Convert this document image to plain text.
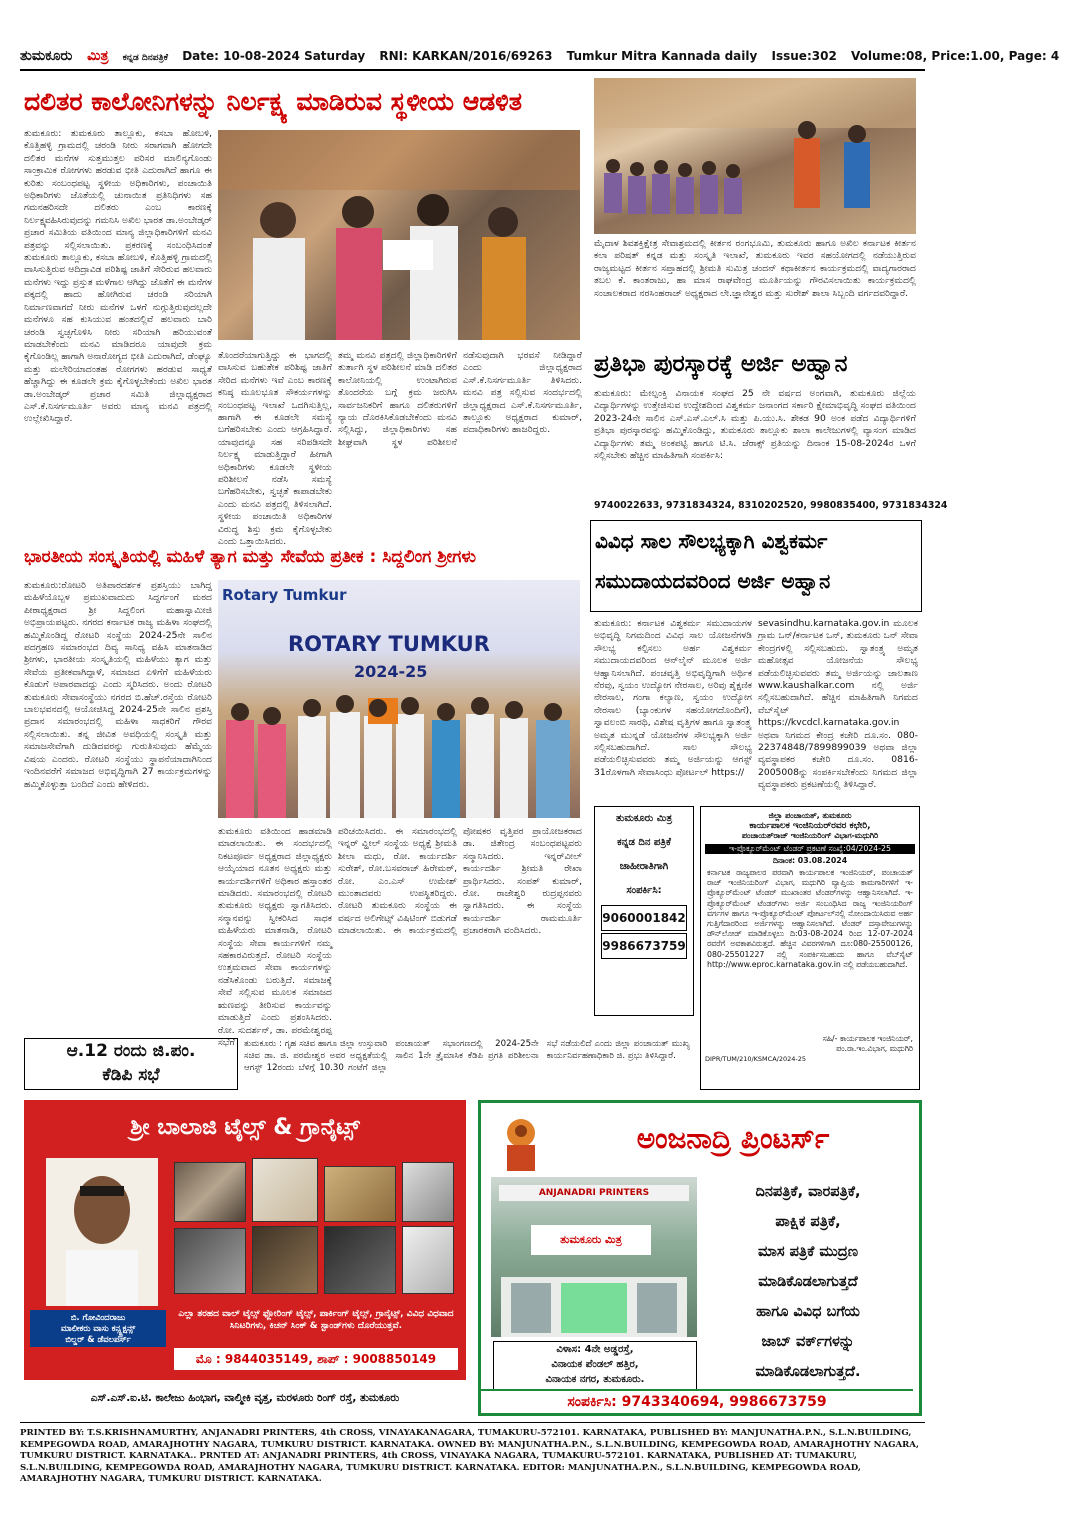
ತುಮಕೂರು ಮಿತ್ರ ಕನ್ನಡ ದಿನಪತ್ರಿಕೆ Date: 10-08-2024 Saturday RNI: KARKAN/2016/69263 Tumkur Mitra Kannada daily Issue:302 Volume:08, Price:1.00, Page: 4
ದಲಿತರ ಕಾಲೋನಿಗಳನ್ನು ನಿರ್ಲಕ್ಷ್ಯ ಮಾಡಿರುವ ಸ್ಥಳೀಯ ಆಡಳಿತ
ತುಮಕೂರು: ತುಮಕೂರು ತಾಲ್ಲೂಕು, ಕಸಬಾ ಹೋಬಳಿ, ಕೊತ್ತಿಹಳ್ಳಿ ಗ್ರಾಮದಲ್ಲಿ ಚರಂಡಿ ನೀರು ಸರಾಗವಾಗಿ ಹೋಗದೇ ದಲಿತರ ಮನೆಗಳ ಸುತ್ತಮುತ್ತಲ ಪರಿಸರ ಮಾಲಿನ್ಯಗೊಂಡು ಸಾಂಕ್ರಾಮಿಕ ರೋಗಗಳು ಹರಡುವ ಭೀತಿ ಎದುರಾಗಿದೆ ಹಾಗೂ ಈ ಕುರಿತು ಸಂಬಂಧಪಟ್ಟ ಸ್ಥಳೀಯ ಅಧಿಕಾರಿಗಳು, ಪಂಚಾಯಿತಿ ಅಧಿಕಾರಿಗಳು ಜೊತೆಯಲ್ಲಿ ಚುನಾಯಿತ ಪ್ರತಿನಿಧಿಗಳು ಸಹ ಗಮನಹರಿಸದೇ ದಲಿತರು ಎಂಬ ಕಾರಣಕ್ಕೆ ನಿರ್ಲಕ್ಷ್ಯವಹಿಸಿರುವುದನ್ನು ಗಮನಿಸಿ ಅಖಿಲ ಭಾರತ ಡಾ.ಅಂಬೇಡ್ಕರ್ ಪ್ರಚಾರ ಸಮಿತಿಯ ವತಿಯಿಂದ ಮಾನ್ಯ ಜಿಲ್ಲಾಧಿಕಾರಿಗಳಿಗೆ ಮನವಿ ಪತ್ರವನ್ನು ಸಲ್ಲಿಸಲಾಯಿತು. ಪ್ರಕರಣಕ್ಕೆ ಸಂಬಂಧಿಸಿದಂತೆ ತುಮಕೂರು ತಾಲ್ಲೂಕು, ಕಸಬಾ ಹೋಬಳಿ, ಕೊತ್ತಿಹಳ್ಳಿ ಗ್ರಾಮದಲ್ಲಿ ವಾಸಿಸುತ್ತಿರುವ ಆದಿದ್ರಾವಿಡ ಪರಿಶಿಷ್ಟ ಜಾತಿಗೆ ಸೇರಿರುವ ಹಲವಾರು ಮನೆಗಳು ಇದ್ದು ಪ್ರಸ್ತುತ ಮಳೆಗಾಲ ಆಗಿದ್ದು ಜೊತೆಗೆ ಈ ಮನೆಗಳ ಪಕ್ಕದಲ್ಲಿ ಹಾದು ಹೋಗಿರುವ ಚರಂಡಿ ಸರಿಯಾಗಿ ನಿರ್ಮಾಣವಾಗದೆ ನೀರು ಮನೆಗಳ ಒಳಗೆ ನುಗ್ಗುತ್ತಿರುವುದಲ್ಲದೇ ಮನೆಗಳೂ ಸಹ ಕುಸಿಯುವ ಹಂತದಲ್ಲಿವೆ ಹಲವಾರು ಬಾರಿ ಚರಂಡಿ ಸ್ವಚ್ಛಗೊಳಿಸಿ ನೀರು ಸರಿಯಾಗಿ ಹರಿಯುವಂತೆ ಮಾಡಬೇಕೆಂದು ಮನವಿ ಮಾಡಿದರೂ ಯಾವುದೇ ಕ್ರಮ ಕೈಗೊಂಡಿಲ್ಲ ಹಾಗಾಗಿ ಅನಾರೋಗ್ಯದ ಭೀತಿ ಎದುರಾಗಿದೆ, ಡೆಂಘ್ಯೂ ಮತ್ತು ಮಲೇರಿಯಾದಂತಹ ರೋಗಗಳು ಹರಡುವ ಸಾಧ್ಯತೆ ಹೆಚ್ಚಾಗಿದ್ದು ಈ ಕೂಡಲೇ ಕ್ರಮ ಕೈಗೊಳ್ಳಬೇಕೆಂದು ಅಖಿಲ ಭಾರತ ಡಾ.ಅಂಬೇಡ್ಕರ್ ಪ್ರಚಾರ ಸಮಿತಿ ಜಿಲ್ಲಾಧ್ಯಕ್ಷರಾದ ಎಸ್.ಕೆ.ನಿಸರ್ಗಮೂರ್ತಿ ಅವರು ಮಾನ್ಯ ಮನವಿ ಪತ್ರದಲ್ಲಿ ಉಲ್ಲೇಖಿಸಿದ್ದಾರೆ.
ತೊಂದರೆಯಾಗುತ್ತಿದ್ದು ಈ ಭಾಗದಲ್ಲಿ ವಾಸಿಸುವ ಬಹುತೇಕ ಪರಿಶಿಷ್ಟ ಜಾತಿಗೆ ಸೇರಿದ ಮನೆಗಳು ಇವೆ ಎಂಬ ಕಾರಣಕ್ಕೆ ಕನಿಷ್ಠ ಮೂಲಭೂತ ಸೌಕರ್ಯಗಳನ್ನು ಸಂಬಂಧಪಟ್ಟ ಇಲಾಖೆ ಒದಗಿಸುತ್ತಿಲ್ಲ, ಹಾಗಾಗಿ ಈ ಕೂಡಲೇ ಸಮಸ್ಯೆ ಬಗೆಹರಿಸಬೇಕು ಎಂದು ಆಗ್ರಹಿಸಿದ್ದಾರೆ. ಯಾವುದನ್ನೂ ಸಹ ಸರಿಪಡಿಸದೇ ನಿರ್ಲಕ್ಷ್ಯ ಮಾಡುತ್ತಿದ್ದಾರೆ ಹೀಗಾಗಿ ಅಧಿಕಾರಿಗಳು ಕೂಡಲೇ ಸ್ಥಳೀಯ ಪರಿಶೀಲನೆ ನಡೆಸಿ ಸಮಸ್ಯೆ ಬಗೆಹರಿಸಬೇಕು, ಸ್ವಚ್ಛತೆ ಕಾಪಾಡಬೇಕು ಎಂದು ಮನವಿ ಪತ್ರದಲ್ಲಿ ತಿಳಿಸಲಾಗಿದೆ. ಸ್ಥಳೀಯ ಪಂಚಾಯಿತಿ ಅಧಿಕಾರಿಗಳ ವಿರುದ್ಧ ಶಿಸ್ತು ಕ್ರಮ ಕೈಗೊಳ್ಳಬೇಕು ಎಂದು ಒತ್ತಾಯಿಸಿದರು.
ತಮ್ಮ ಮನವಿ ಪತ್ರದಲ್ಲಿ ಜಿಲ್ಲಾಧಿಕಾರಿಗಳಿಗೆ ತುರ್ತಾಗಿ ಸ್ಥಳ ಪರಿಶೀಲನೆ ಮಾಡಿ ದಲಿತರ ಕಾಲೋನಿಯಲ್ಲಿ ಉಂಟಾಗಿರುವ ತೊಂದರೆಯ ಬಗ್ಗೆ ಕ್ರಮ ಜರುಗಿಸಿ ಸಾರ್ವಜನಿಕರಿಗೆ ಹಾಗೂ ದಲಿತರುಗಳಿಗೆ ನ್ಯಾಯ ದೊರಕಿಸಿಕೊಡಬೇಕೆಂದು ಮನವಿ ಸಲ್ಲಿಸಿದ್ದು, ಜಿಲ್ಲಾಧಿಕಾರಿಗಳು ಸಹ ಶೀಘ್ರವಾಗಿ ಸ್ಥಳ ಪರಿಶೀಲನೆ ನಡೆಸುವುದಾಗಿ ಭರವಸೆ ನೀಡಿದ್ದಾರೆ ಎಂದು ಜಿಲ್ಲಾಧ್ಯಕ್ಷರಾದ ಎಸ್.ಕೆ.ನಿಸರ್ಗಮೂರ್ತಿ ತಿಳಿಸಿದರು. ಮನವಿ ಪತ್ರ ಸಲ್ಲಿಸುವ ಸಂದರ್ಭದಲ್ಲಿ ಜಿಲ್ಲಾಧ್ಯಕ್ಷರಾದ ಎಸ್.ಕೆ.ನಿಸರ್ಗಮೂರ್ತಿ, ತಾಲ್ಲೂಕು ಅಧ್ಯಕ್ಷರಾದ ಕುಮಾರ್, ಪದಾಧಿಕಾರಿಗಳು ಹಾಜರಿದ್ದರು.
ಮೈದಾಳ ಶಿವಶಕ್ತಿಕ್ಷೇತ್ರ ಸೇವಾಶ್ರಮದಲ್ಲಿ ಕೀರ್ತನ ರಂಗಭೂಮಿ, ತುಮಕೂರು ಹಾಗೂ ಅಖಿಲ ಕರ್ನಾಟಕ ಕೀರ್ತನ ಕಲಾ ಪರಿಷತ್ ಕನ್ನಡ ಮತ್ತು ಸಂಸ್ಕೃತಿ ಇಲಾಖೆ, ತುಮಕೂರು ಇವರ ಸಹಯೋಗದಲ್ಲಿ ನಡೆಯುತ್ತಿರುವ ರಾಜ್ಯಮಟ್ಟದ ಕೀರ್ತನ ಸಪ್ತಾಹದಲ್ಲಿ ಶ್ರೀಮತಿ ಸುಮಿತ್ರ ಚಂದನ್ ಕಥಾಕೀರ್ತನ ಕಾರ್ಯಕ್ರಮದಲ್ಲಿ ವಾದ್ಯಗಾರರಾದ ತಬಲ ಕೆ. ಕಾಂತರಾಜು, ಹಾ ಮಾಸ ರಾಘವೇಂದ್ರ ಮೂರ್ತಿಯನ್ನು ಗೌರವಿಸಲಾಯಿತು ಕಾರ್ಯಕ್ರಮದಲ್ಲಿ ಸಂಚಾಲಕರಾದ ನರಸಿಂಹರಾಜ್ ಅಧ್ಯಕ್ಷರಾದ ಲೇ.ಜ್ಞಾನೇಶ್ವರ ಮತ್ತು ಸುರೇಶ್ ಶಾಲಾ ಸಿಬ್ಬಂದಿ ವರ್ಗದವರಿದ್ದಾರೆ.
ಪ್ರತಿಭಾ ಪುರಸ್ಕಾರಕ್ಕೆ ಅರ್ಜಿ ಅಹ್ವಾನ
ತುಮಕೂರು: ಮೇಲ್ಪಂಕ್ತಿ ವಿನಾಯಕ ಸಂಘದ 25 ನೇ ವರ್ಷದ ಅಂಗವಾಗಿ, ತುಮಕೂರು ಜಿಲ್ಲೆಯ ವಿದ್ಯಾರ್ಥಿಗಳನ್ನು ಉತ್ತೇಜಿಸುವ ಉದ್ದೇಶದಿಂದ ವಿಶ್ವಕರ್ಮ ಜನಾಂಗದ ಸರ್ಕಾರಿ ಕ್ಷೇಮಾಭಿವೃದ್ಧಿ ಸಂಘದ ವತಿಯಿಂದ 2023-24ನೇ ಸಾಲಿನ ಎಸ್.ಎಸ್.ಎಲ್.ಸಿ ಮತ್ತು ಪಿ.ಯು.ಸಿ. ಶೇಕಡ 90 ಅಂಕ ಪಡೆದ ವಿದ್ಯಾರ್ಥಿಗಳಿಗೆ ಪ್ರತಿಭಾ ಪುರಸ್ಕಾರವನ್ನು ಹಮ್ಮಿಕೊಂಡಿದ್ದು, ತುಮಕೂರು ತಾಲ್ಲೂಕು ಶಾಲಾ ಕಾಲೇಜುಗಳಲ್ಲಿ ವ್ಯಾಸಂಗ ಮಾಡಿದ ವಿದ್ಯಾರ್ಥಿಗಳು ತಮ್ಮ ಅಂಕಪಟ್ಟಿ ಹಾಗೂ ಟಿ.ಸಿ. ಜೆರಾಕ್ಸ್ ಪ್ರತಿಯನ್ನು ದಿನಾಂಕ 15-08-2024ರ ಒಳಗೆ ಸಲ್ಲಿಸಬೇಕು ಹೆಚ್ಚಿನ ಮಾಹಿತಿಗಾಗಿ ಸಂಪರ್ಕಿಸಿ:
9740022633, 9731834324, 8310202520, 9980835400, 9731834324
ವಿವಿಧ ಸಾಲ ಸೌಲಭ್ಯಕ್ಕಾಗಿ ವಿಶ್ವಕರ್ಮ
ಸಮುದಾಯದವರಿಂದ ಅರ್ಜಿ ಅಹ್ವಾನ
ತುಮಕೂರು: ಕರ್ನಾಟಕ ವಿಶ್ವಕರ್ಮ ಸಮುದಾಯಗಳ ಅಭಿವೃದ್ಧಿ ನಿಗಮದಿಂದ ವಿವಿಧ ಸಾಲ ಯೋಜನೆಗಳಡಿ ಸೌಲಭ್ಯ ಕಲ್ಪಿಸಲು ಅರ್ಹ ವಿಶ್ವಕರ್ಮ ಸಮುದಾಯದವರಿಂದ ಆನ್‌ಲೈನ್ ಮೂಲಕ ಅರ್ಜಿ ಆಹ್ವಾನಿಸಲಾಗಿದೆ. ಪಂಚವೃತ್ತಿ ಅಭಿವೃದ್ಧಿಗಾಗಿ ಅರ್ಥಿಕ ನೆರವು, ಸ್ವಯಂ ಉದ್ಯೋಗ ನೇರಸಾಲ, ಅರಿವು ಶೈಕ್ಷಣಿಕ ನೇರಸಾಲ, ಗಂಗಾ ಕಲ್ಯಾಣ, ಸ್ವಯಂ ಉದ್ಯೋಗ ನೇರಸಾಲ (ಬ್ಯಾಂಕುಗಳ ಸಹಯೋಗದೊಂದಿಗೆ), ಸ್ವಾವಲಂಬಿ ಸಾರಥಿ, ವಿಶೇಷ ವೃತ್ತಿಗಳ ಹಾಗೂ ಸ್ವಾತಂತ್ರ್ಯ ಅಮೃತ ಮುನ್ನಡೆ ಯೋಜನೆಗಳ ಸೌಲಭ್ಯಕ್ಕಾಗಿ ಅರ್ಜಿ ಸಲ್ಲಿಸಬಹುದಾಗಿದೆ. ಸಾಲ ಸೌಲಭ್ಯ ಪಡೆಯಲಿಚ್ಛಿಸುವವರು ತಮ್ಮ ಅರ್ಜಿಯನ್ನು ಆಗಸ್ಟ್ 31ರೊಳಗಾಗಿ ಸೇವಾಸಿಂಧು ಪೋರ್ಟಲ್ https://
sevasindhu.karnataka.gov.in ಮೂಲಕ ಗ್ರಾಮ ಒನ್/ಕರ್ನಾಟಕ ಒನ್, ತುಮಕೂರು ಒನ್ ಸೇವಾ ಕೇಂದ್ರಗಳಲ್ಲಿ ಸಲ್ಲಿಸಬಹುದು. ಸ್ವಾತಂತ್ರ್ಯ ಅಮೃತ ಮಹೋತ್ಸವ ಯೋಜನೆಯ ಸೌಲಭ್ಯ ಪಡೆಯಲಿಚ್ಛಿಸುವವರು ತಮ್ಮ ಅರ್ಜಿಯನ್ನು ಜಾಲತಾಣ www.kaushalkar.com ನಲ್ಲಿ ಅರ್ಜಿ ಸಲ್ಲಿಸಬಹುದಾಗಿದೆ. ಹೆಚ್ಚಿನ ಮಾಹಿತಿಗಾಗಿ ನಿಗಮದ ವೆಬ್‌ಸೈಟ್ https://kvcdcl.karnataka.gov.in ಅಥವಾ ನಿಗಮದ ಕೇಂದ್ರ ಕಚೇರಿ ದೂ.ಸಂ. 080-22374848/7899899039 ಅಥವಾ ಜಿಲ್ಲಾ ವ್ಯವಸ್ಥಾಪಕರ ಕಚೇರಿ ದೂ.ಸಂ. 0816-2005008ನ್ನು ಸಂಪರ್ಕಿಸಬೇಕೆಂದು ನಿಗಮದ ಜಿಲ್ಲಾ ವ್ಯವಸ್ಥಾಪಕರು ಪ್ರಕಟಣೆಯಲ್ಲಿ ತಿಳಿಸಿದ್ದಾರೆ.
ಭಾರತೀಯ ಸಂಸ್ಕೃತಿಯಲ್ಲಿ ಮಹಿಳೆ ತ್ಯಾಗ ಮತ್ತು ಸೇವೆಯ ಪ್ರತೀಕ : ಸಿದ್ದಲಿಂಗ ಶ್ರೀಗಳು
ತುಮಕೂರು:ರೋಟರಿ ಅತಿಪಾರದರ್ಶಕ ಪ್ರಶಸ್ತಿಯು ಬಾಗಿದ್ದ ಮಹಿಳೆಯೊಬ್ಬಳ ಪ್ರಮುಖವಾದುದು ಸಿದ್ದರ್ಗಂಗೆ ಮಠದ ಪೀಠಾಧ್ಯಕ್ಷರಾದ ಶ್ರೀ ಸಿದ್ದಲಿಂಗ ಮಹಾಸ್ವಾಮೀಜಿ ಅಭಿಪ್ರಾಯಪಟ್ಟರು. ನಗರದ ಕರ್ನಾಟಕ ರಾಜ್ಯ ಮಹಿಳಾ ಸಂಘದಲ್ಲಿ ಹಮ್ಮಿಕೊಂಡಿದ್ದ ರೋಟರಿ ಸಂಸ್ಥೆಯ 2024-25ನೇ ಸಾಲಿನ ಪದಗ್ರಹಣ ಸಮಾರಂಭದ ದಿವ್ಯ ಸಾನಿಧ್ಯ ವಹಿಸಿ ಮಾತನಾಡಿದ ಶ್ರೀಗಳು, ಭಾರತೀಯ ಸಂಸ್ಕೃತಿಯಲ್ಲಿ ಮಹಿಳೆಯು ತ್ಯಾಗ ಮತ್ತು ಸೇವೆಯ ಪ್ರತೀಕವಾಗಿದ್ದಾಳೆ, ಸಮಾಜದ ಏಳಿಗೆಗೆ ಮಹಿಳೆಯರು ಕೊಡುಗೆ ಅಪಾರವಾದದ್ದು ಎಂದು ಸ್ಮರಿಸಿದರು. ಅಂದು ರೋಟರಿ ತುಮಕೂರು ಸೇವಾಸಂಸ್ಥೆಯು ನಗರದ ಬಿ.ಹೆಚ್.ರಸ್ತೆಯ ರೋಟರಿ ಬಾಲಭವನದಲ್ಲಿ ಆಯೋಜಿಸಿದ್ದ 2024-25ನೇ ಸಾಲಿನ ಪ್ರಶಸ್ತಿ ಪ್ರದಾನ ಸಮಾರಂಭದಲ್ಲಿ ಮಹಿಳಾ ಸಾಧಕರಿಗೆ ಗೌರವ ಸಲ್ಲಿಸಲಾಯಿತು. ತನ್ನ ಜೀವಿತ ಅವಧಿಯಲ್ಲಿ ಸಂಸ್ಕೃತಿ ಮತ್ತು ಸಮಾಜಸೇವೆಗಾಗಿ ದುಡಿದವರನ್ನು ಗುರುತಿಸುವುದು ಹೆಮ್ಮೆಯ ವಿಷಯ ಎಂದರು. ರೋಟರಿ ಸಂಸ್ಥೆಯು ಸ್ಥಾಪನೆಯಾದಾಗಿನಿಂದ ಇಂದಿನವರೆಗೆ ಸಮಾಜದ ಅಭಿವೃದ್ಧಿಗಾಗಿ 27 ಕಾರ್ಯಕ್ರಮಗಳನ್ನು ಹಮ್ಮಿಕೊಳ್ಳುತ್ತಾ ಬಂದಿದೆ ಎಂದು ಹೇಳಿದರು.
Rotary Tumkur
ROTARY TUMKUR
2024-25
ತುಮಕೂರು ವತಿಯಿಂದ ಹಾಡಮಾಡಿ ಮಾಡಲಾಯಿತು. ಈ ಸಂದರ್ಭದಲ್ಲಿ ನಿಕಟಪೂರ್ವ ಅಧ್ಯಕ್ಷರಾದ ಜಿಲ್ಲಾಧ್ಯಕ್ಷರು ಆಯ್ಕೆಯಾದ ನೂತನ ಅಧ್ಯಕ್ಷರು ಮತ್ತು ಕಾರ್ಯದರ್ಶಿಗಳಿಗೆ ಅಧಿಕಾರ ಹಸ್ತಾಂತರ ಮಾಡಿದರು. ಸಮಾರಂಭದಲ್ಲಿ ರೋಟರಿ ತುಮಕೂರು ಅಧ್ಯಕ್ಷರು ಸ್ವಾಗತಿಸಿದರು. ಸನ್ಮಾನವನ್ನು ಸ್ವೀಕರಿಸಿದ ಸಾಧಕ ಮಹಿಳೆಯರು ಮಾತನಾಡಿ, ರೋಟರಿ ಸಂಸ್ಥೆಯ ಸೇವಾ ಕಾರ್ಯಗಳಿಗೆ ನಮ್ಮ ಸಹಕಾರವಿರುತ್ತದೆ. ರೋಟರಿ ಸಂಸ್ಥೆಯ ಉತ್ತಮವಾದ ಸೇವಾ ಕಾರ್ಯಗಳನ್ನು ನಡೆಸಿಕೊಂಡು ಬರುತ್ತಿದೆ. ಸಮಾಜಕ್ಕೆ ಸೇವೆ ಸಲ್ಲಿಸುವ ಮೂಲಕ ಸಮಾಜದ ಋಣವನ್ನು ತೀರಿಸುವ ಕಾರ್ಯವನ್ನು ಮಾಡುತ್ತಿದೆ ಎಂದು ಪ್ರಶಂಸಿಸಿದರು. ರೋ. ಸುದರ್ಶನ್, ಡಾ. ಪರಮೇಶ್ವರಪ್ಪ ಸಭೆಗೆ
ಪರಿಚಯಿಸಿದರು. ಈ ಸಮಾರಂಭದಲ್ಲಿ ಇನ್ನರ್ ವ್ಹೀಲ್ ಸಂಸ್ಥೆಯ ಅಧ್ಯಕ್ಷೆ ಶ್ರೀಮತಿ ಶೀಲಾ ಮಧು, ರೋ. ಕಾರ್ಯದರ್ಶಿ ಸುರೇಶ್, ರೋ.ಬಸವರಾಜ್ ಹಿರೇಮಠ್, ರೋ. ಎಂ.ಎಸ್ ಉಮೇಶ್ ಮುಂತಾದವರು ಉಪಸ್ಥಿತರಿದ್ದರು. ರೋಟರಿ ತುಮಕೂರು ಸಂಸ್ಥೆಯ ಈ ವರ್ಷದ ಅಲಿಗೇಟ್ಸ್ ವಿಷಿಟಿಂಗ್ ಬಿಡುಗಡೆ ಮಾಡಲಾಯಿತು. ಈ ಕಾರ್ಯಕ್ರಮದಲ್ಲಿ ಪೋಷಕರ ವೃತ್ತಿಪರ ಪ್ರಾಯೋಜಕರಾದ ಡಾ. ಜಿತೇಂದ್ರ ಸಂಬಂಧಪಟ್ಟವರು ಸನ್ಮಾನಿಸಿದರು. ಇನ್ನರ್‌ವೀಲ್ ಕಾರ್ಯದರ್ಶಿ ಶ್ರೀಮತಿ ರೇಖಾ ಪ್ರಾರ್ಥಿಸಿದರು. ಸಂಪತ್ ಕುಮಾರ್, ರೋ. ರಾಜೇಶ್ವರಿ ರುದ್ರಪ್ಪನವರು ಸ್ವಾಗತಿಸಿದರು. ಈ ಸಂಸ್ಥೆಯ ಕಾರ್ಯದರ್ಶಿ ರಾಮಮೂರ್ತಿ ಪ್ರಚಾರಕರಾಗಿ ವಂದಿಸಿದರು.
ತುಮಕೂರು ಮಿತ್ರ
ಕನ್ನಡ ದಿನ ಪತ್ರಿಕೆ
ಜಾಹೀರಾತಿಗಾಗಿ
ಸಂಪರ್ಕಿಸಿ:
9060001842
9986673759
ಜಿಲ್ಲಾ ಪಂಚಾಯತ್, ತುಮಕೂರು
ಕಾರ್ಯಪಾಲಕ ಇಂಜಿನಿಯರ್‌ರವರ ಕಛೇರಿ,
ಪಂಚಾಯತ್‌ರಾಜ್ ಇಂಜಿನಿಯರಿಂಗ್ ವಿಭಾಗ-ಮಧುಗಿರಿ
ಇ-ಪ್ರೊಕ್ಯೂರ್‌ಮೆಂಟ್ ಟೆಂಡರ್ ಪ್ರಕಟಣೆ ಸಂಖ್ಯೆ:04/2024-25
ದಿನಾಂಕ: 03.08.2024
ಕರ್ನಾಟಕ ರಾಜ್ಯಪಾಲರ ಪರವಾಗಿ ಕಾರ್ಯಪಾಲಕ ಇಂಜಿನಿಯರ್, ಪಂಚಾಯತ್ ರಾಜ್ ಇಂಜಿನಿಯರಿಂಗ್ ವಿಭಾಗ, ಮಧುಗಿರಿ ವ್ಯಾಪ್ತಿಯ ಕಾಮಗಾರಿಗಳಿಗೆ ಇ-ಪ್ರೊಕ್ಯೂರ್‌ಮೆಂಟ್ ಟೆಂಡರ್ ಮುಖಾಂತರ ಟೆಂಡರ್‌ಗಳನ್ನು ಆಹ್ವಾನಿಸಲಾಗಿದೆ. ಇ-ಪ್ರೊಕ್ಯೂರ್‌ಮೆಂಟ್ ಟೆಂಡರ್‌ಗಳು ಅರ್ಜಿ ಸಂಬಂಧಿಸಿದ ರಾಜ್ಯ ಇಂಜಿನಿಯರಿಂಗ್ ವರ್ಗಗಳ ಹಾಗೂ ಇ-ಪ್ರೊಕ್ಯೂರ್‌ಮೆಂಟ್ ಪೋರ್ಟಲ್‌ನಲ್ಲಿ ನೋಂದಾಯಿಸಿರುವ ಅರ್ಹ ಗುತ್ತಿಗೆದಾರರಿಂದ ಅರ್ಜಿಗಳನ್ನು ಆಹ್ವಾನಿಸಲಾಗಿದೆ. ಟೆಂಡರ್ ದಸ್ತಾವೇಜುಗಳನ್ನು ಡೌನ್‌ಲೋಡ್ ಮಾಡಿಕೊಳ್ಳಲು ದಿ:03-08-2024 ರಿಂದ 12-07-2024 ರವರೆಗೆ ಅವಕಾಶವಿರುತ್ತದೆ. ಹೆಚ್ಚಿನ ವಿವರಗಳಿಗಾಗಿ ದೂ:080-25500126, 080-25501227 ನಲ್ಲಿ ಸಂಪರ್ಕಿಸಬಹುದು ಹಾಗೂ ವೆಬ್‌ಸೈಟ್ http://www.eproc.karnataka.gov.in ನಲ್ಲಿ ಪಡೆಯಬಹುದಾಗಿದೆ.
ಸಹಿ/- ಕಾರ್ಯಪಾಲಕ ಇಂಜಿನಿಯರ್,
ಪಂ.ರಾ.ಇಂ.ವಿಭಾಗ, ಮಧುಗಿರಿ
DIPR/TUM/210/KSMCA/2024-25
ಆ.12 ರಂದು ಜಿ.ಪಂ.
ಕೆಡಿಪಿ ಸಭೆ
ತುಮಕೂರು : ಗೃಹ ಸಚಿವ ಹಾಗೂ ಜಿಲ್ಲಾ ಉಸ್ತುವಾರಿ ಸಚಿವ ಡಾ. ಜಿ. ಪರಮೇಶ್ವರ ಅವರ ಅಧ್ಯಕ್ಷತೆಯಲ್ಲಿ ಆಗಸ್ಟ್ 12ರಂದು ಬೆಳಿಗ್ಗೆ 10.30 ಗಂಟೆಗೆ ಜಿಲ್ಲಾ ಪಂಚಾಯತ್ ಸಭಾಂಗಣದಲ್ಲಿ 2024-25ನೇ ಸಾಲಿನ 1ನೇ ತ್ರೈಮಾಸಿಕ ಕೆಡಿಪಿ ಪ್ರಗತಿ ಪರಿಶೀಲನಾ ಸಭೆ ನಡೆಯಲಿದೆ ಎಂದು ಜಿಲ್ಲಾ ಪಂಚಾಯತ್ ಮುಖ್ಯ ಕಾರ್ಯನಿರ್ವಹಣಾಧಿಕಾರಿ ಜಿ. ಪ್ರಭು ತಿಳಿಸಿದ್ದಾರೆ.
ಶ್ರೀ ಬಾಲಾಜಿ ಟೈಲ್ಸ್ & ಗ್ರಾನೈಟ್ಸ್
ಬಿ. ಗೋವಿಂದರಾಜು
ಮಾಲೀಕರು ವಾಸು ಕನ್ಸ್ಟ್ರಕ್ಷನ್ಸ್
ಬಿಲ್ಡರ್ & ಡೆವಲಪರ್ಸ್
ಎಲ್ಲಾ ತರಹದ ವಾಲ್ ಟೈಲ್ಸ್ ಫ್ಲೋರಿಂಗ್ ಟೈಲ್ಸ್, ಪಾರ್ಕಿಂಗ್ ಟೈಲ್ಸ್, ಗ್ರಾನೈಟ್ಸ್, ವಿವಿಧ ವಿಧವಾದ ಸಿನಿಟರಿಗಳು, ಕಿಚನ್ ಸಿಂಕ್ & ಸ್ಟಾಂಡ್‌ಗಳು ದೊರೆಯುತ್ತವೆ.
ಮೊ : 9844035149, ಶಾಪ್ : 9008850149
ಎಸ್.ಎಸ್.ಐ.ಟಿ. ಕಾಲೇಜು ಹಿಂಭಾಗ, ವಾಲ್ಮೀಕಿ ವೃತ್ತ, ಮರಳೂರು ರಿಂಗ್ ರಸ್ತೆ, ತುಮಕೂರು
ಅಂಜನಾದ್ರಿ ಪ್ರಿಂಟರ್ಸ್
ANJANADRI PRINTERS
ತುಮಕೂರು ಮಿತ್ರ
ವಿಳಾಸ: 4ನೇ ಅಡ್ಡರಸ್ತೆ,
ವಿನಾಯಕ ಪೆಂಡಲ್ ಹತ್ತಿರ,
ವಿನಾಯಕ ನಗರ, ತುಮಕೂರು.
ದಿನಪತ್ರಿಕೆ, ವಾರಪತ್ರಿಕೆ,
ಪಾಕ್ಷಿಕ ಪತ್ರಿಕೆ,
ಮಾಸ ಪತ್ರಿಕೆ ಮುದ್ರಣ
ಮಾಡಿಕೊಡಲಾಗುತ್ತದೆ
ಹಾಗೂ ವಿವಿಧ ಬಗೆಯ
ಜಾಬ್ ವರ್ಕ್‌ಗಳನ್ನು
ಮಾಡಿಕೊಡಲಾಗುತ್ತದೆ.
ಸಂಪರ್ಕಿಸಿ: 9743340694, 9986673759
PRINTED BY: T.S.KRISHNAMURTHY, ANJANADRI PRINTERS, 4th CROSS, VINAYAKANAGARA, TUMAKURU-572101. KARNATAKA, PUBLISHED BY: MANJUNATHA.P.N., S.L.N.BUILDING, KEMPEGOWDA ROAD, AMARAJHOTHY NAGARA, TUMKURU DISTRICT. KARNATAKA. OWNED BY: MANJUNATHA.P.N., S.L.N.BUILDING, KEMPEGOWDA ROAD, AMARAJHOTHY NAGARA, TUMKURU DISTRICT. KARNATAKA.. PRNTED AT: ANJANADRI PRINTERS, 4th CROSS, VINAYAKA NAGARA, TUMAKURU-572101. KARNATAKA, PUBLISHED AT: TUMAKURU, S.L.N.BUILDING, KEMPEGOWDA ROAD, AMARAJHOTHY NAGARA, TUMKURU DISTRICT. KARNATAKA. EDITOR: MANJUNATHA.P.N., S.L.N.BUILDING, KEMPEGOWDA ROAD, AMARAJHOTHY NAGARA, TUMKURU DISTRICT. KARNATAKA.
